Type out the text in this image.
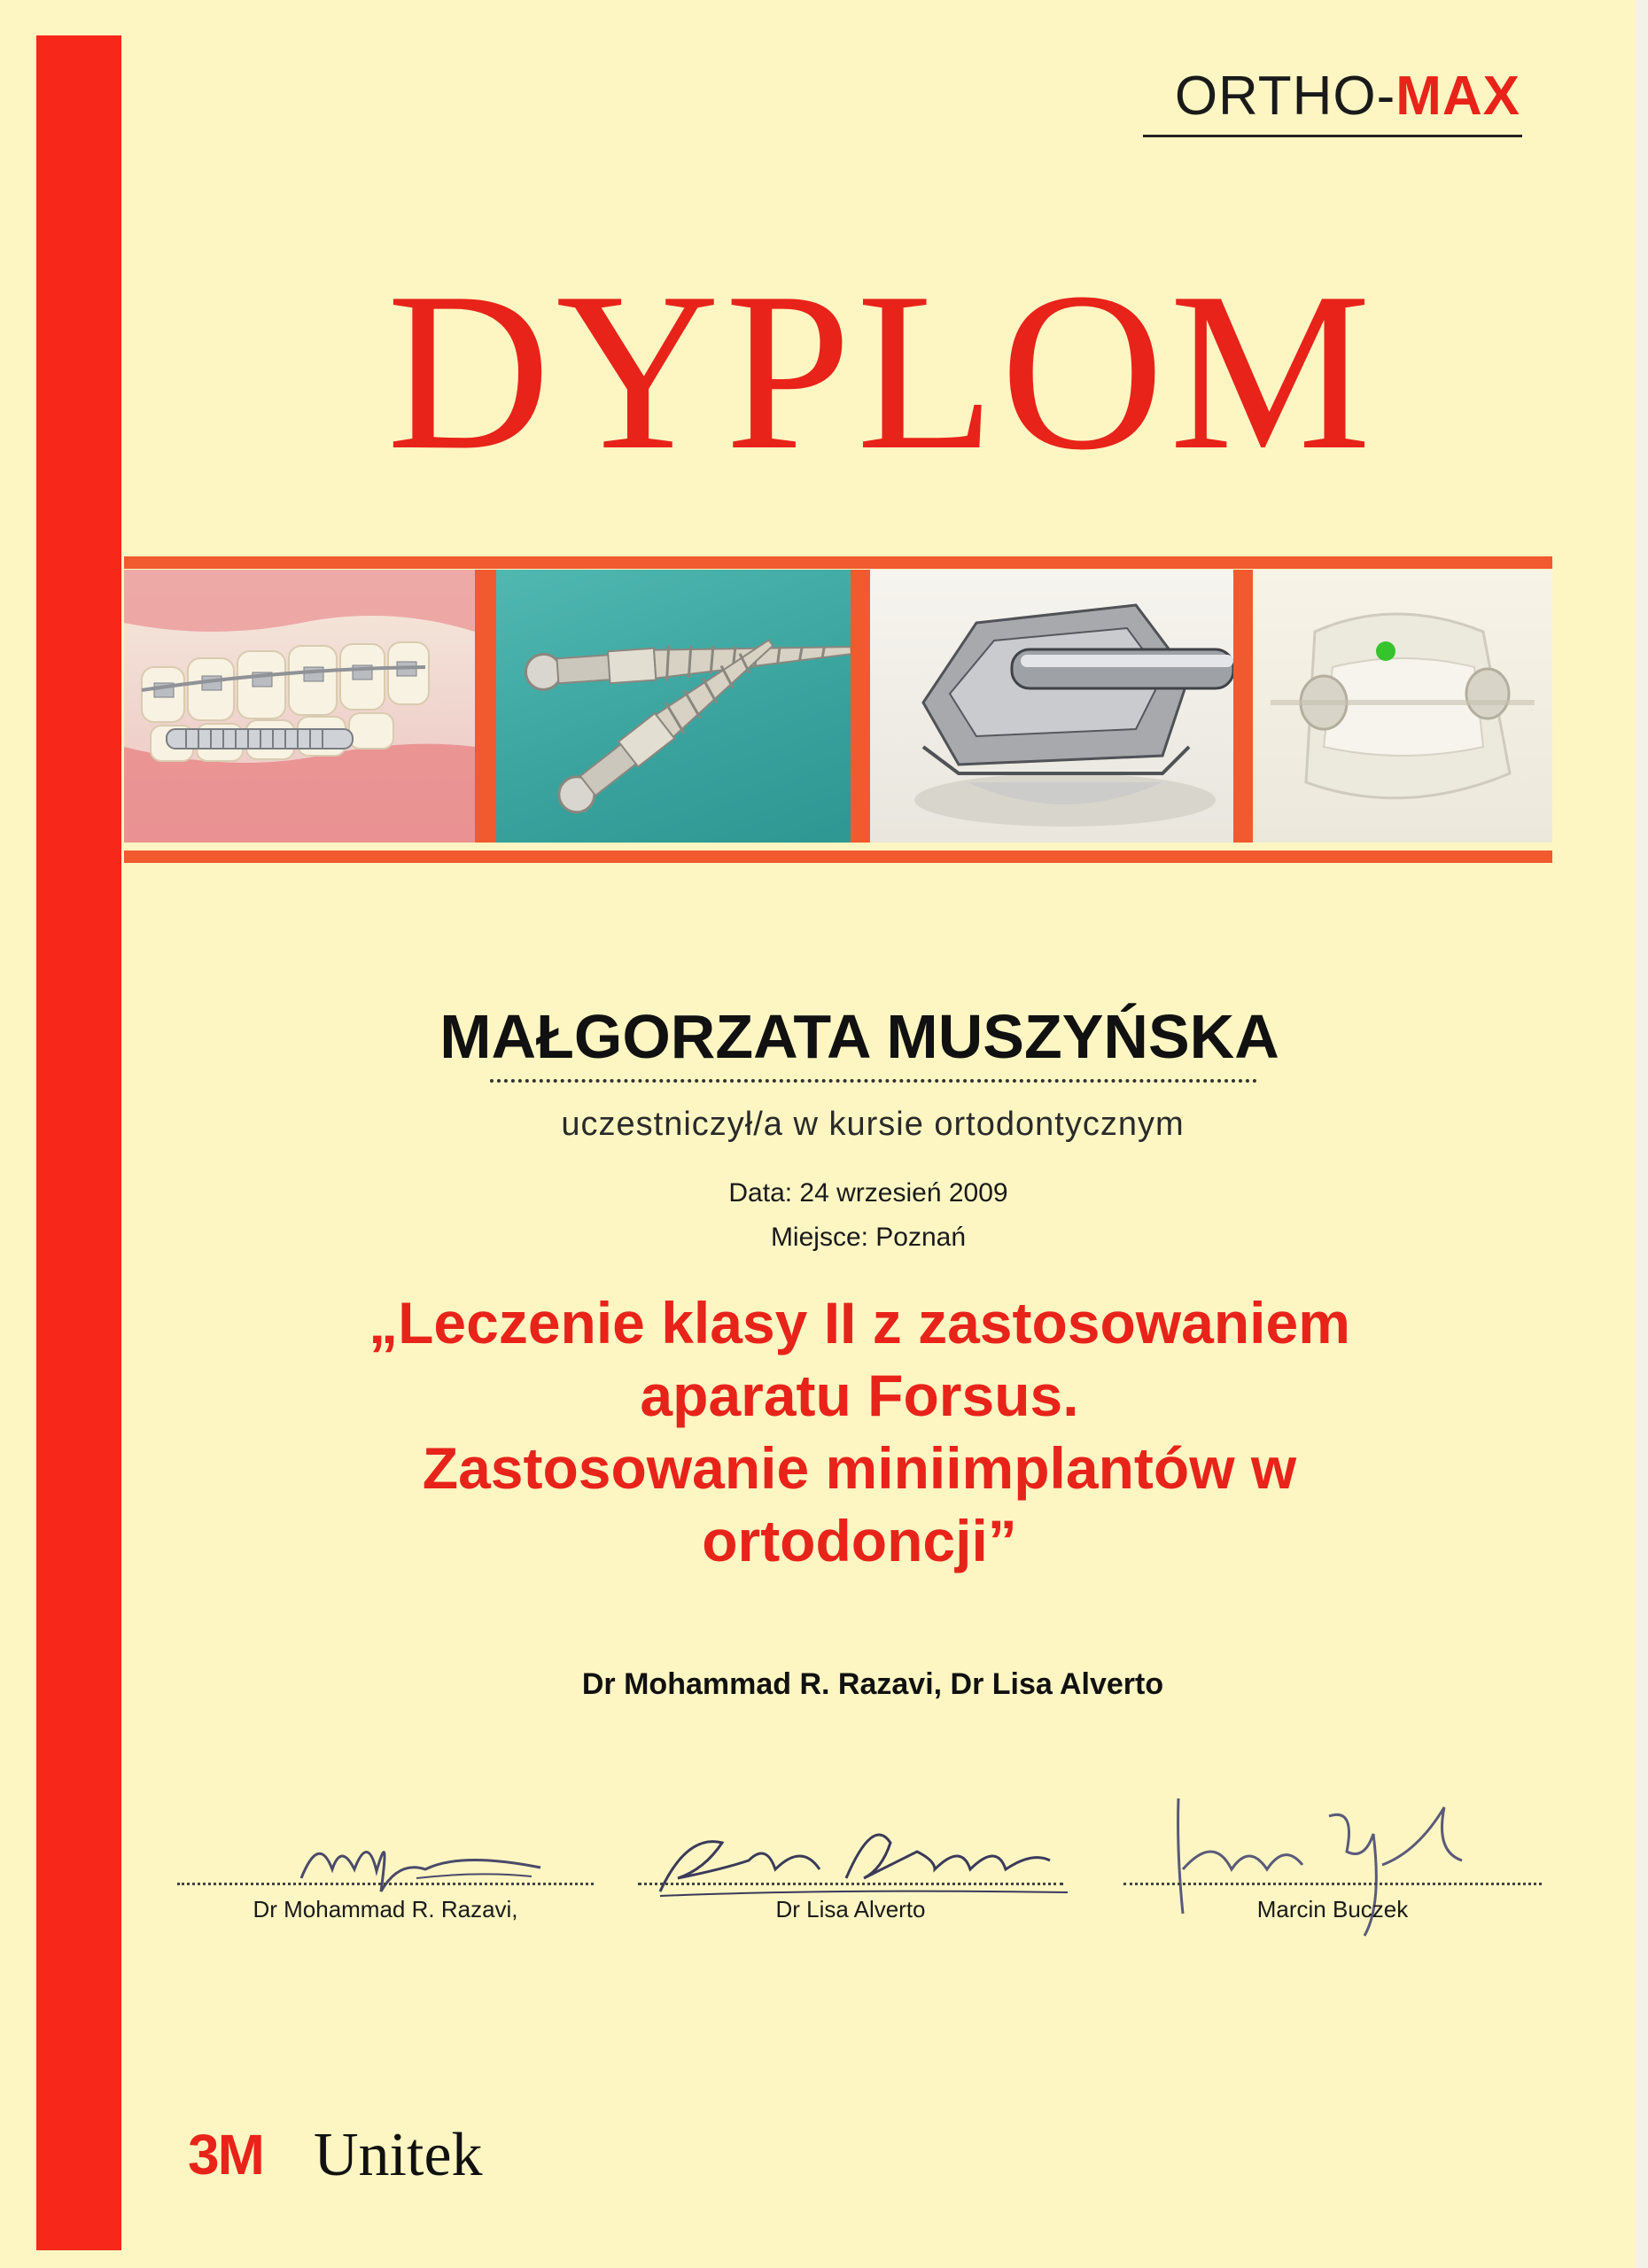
ORTHO-MAX
DYPLOM
MAŁGORZATA MUSZYŃSKA
uczestniczył/a w kursie ortodontycznym
Data: 24 wrzesień 2009
Miejsce: Poznań
„Leczenie klasy II z zastosowaniem
aparatu Forsus.
Zastosowanie miniimplantów w
ortodoncji”
Dr Mohammad R. Razavi, Dr Lisa Alverto
Dr Mohammad R. Razavi,	Dr Lisa Alverto	Marcin Buczek
3M Unitek
